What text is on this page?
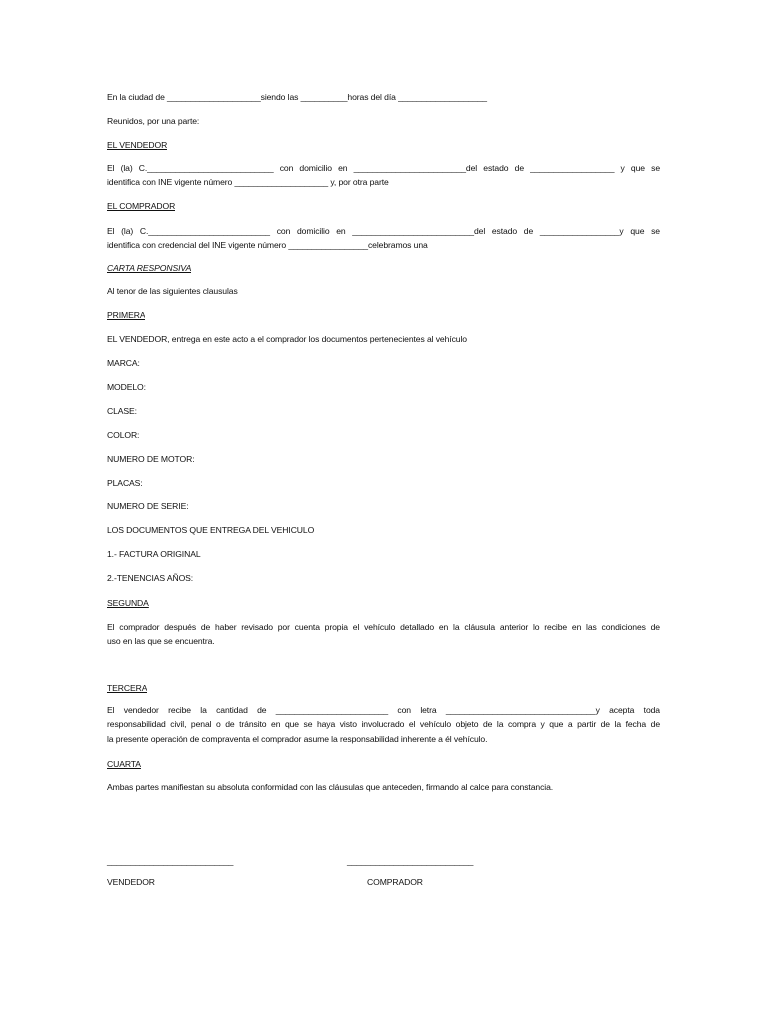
En la ciudad de ____________________siendo las __________horas del día ___________________
Reunidos, por una parte:
EL VENDEDOR
El (la) C.___________________________ con domicilio en ________________________del estado de __________________ y que se
identifica con INE vigente número ____________________ y, por otra parte
EL COMPRADOR
El (la) C.__________________________ con domicilio en __________________________del estado de _________________y que se
identifica con credencial del INE vigente número _________________celebramos una
CARTA RESPONSIVA
Al tenor de las siguientes clausulas
PRIMERA
EL VENDEDOR, entrega en este acto a el comprador los documentos pertenecientes al vehículo
MARCA:
MODELO:
CLASE:
COLOR:
NUMERO DE MOTOR:
PLACAS:
NUMERO DE SERIE:
LOS DOCUMENTOS QUE ENTREGA DEL VEHICULO
1.- FACTURA ORIGINAL
2.-TENENCIAS AÑOS:
SEGUNDA
El comprador después de haber revisado por cuenta propia el vehículo detallado en la cláusula anterior lo recibe en las condiciones de
uso en las que se encuentra.
TERCERA
El vendedor recibe la cantidad de ________________________ con letra ________________________________y acepta toda
responsabilidad civil, penal o de tránsito en que se haya visto involucrado el vehículo objeto de la compra y que a partir de la fecha de
la presente operación de compraventa el comprador asume la responsabilidad inherente a él vehículo.
CUARTA
Ambas partes manifiestan su absoluta conformidad con las cláusulas que anteceden, firmando al calce para constancia.
___________________________	___________________________
VENDEDOR	COMPRADOR
